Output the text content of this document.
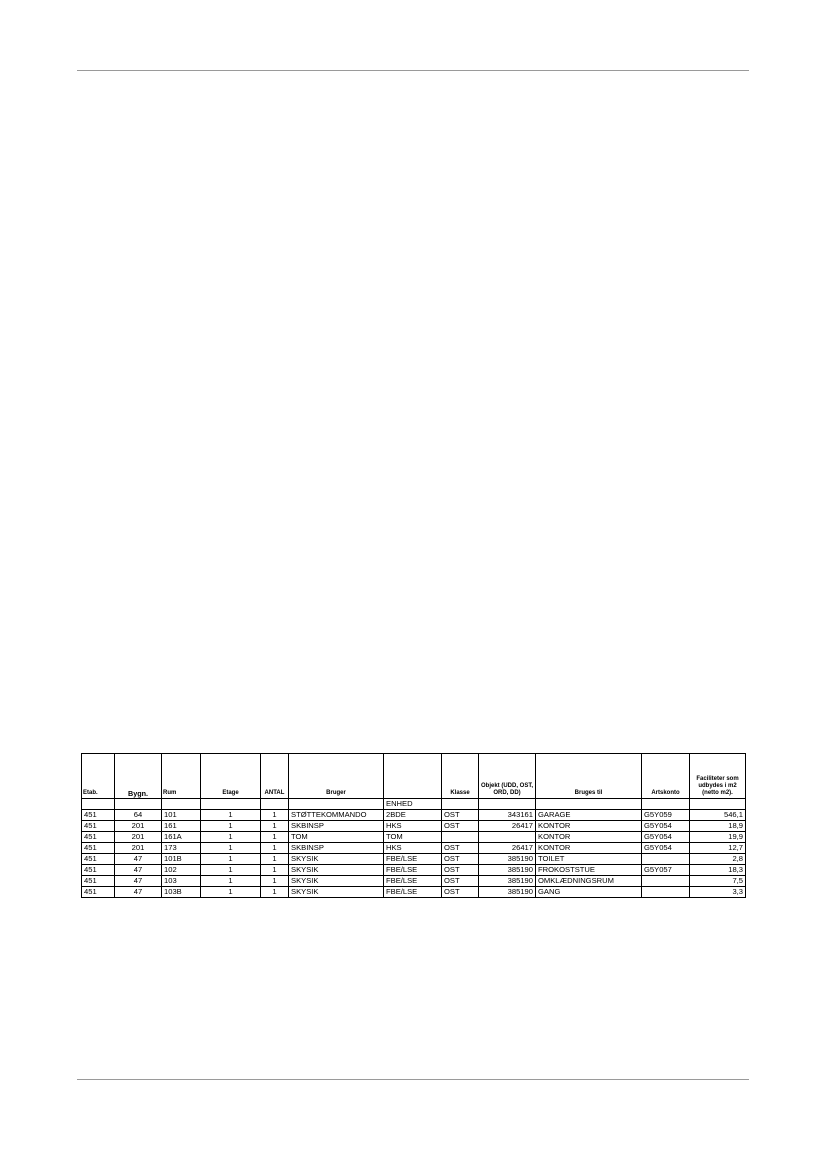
Etab.	Bygn.	Rum	Etage	ANTAL	Bruger		Klasse	Objekt (UDD, OST, ORD, DD)	Bruges til	Artskonto	Faciliteter som udbydes i m2 (netto m2).
						ENHED					
451	64	101	1	1	STØTTEKOMMANDO	2BDE	OST	343161	GARAGE	G5Y059	546,1
451	201	161	1	1	SKBINSP	HKS	OST	26417	KONTOR	G5Y054	18,9
451	201	161A	1	1	TOM	TOM			KONTOR	G5Y054	19,9
451	201	173	1	1	SKBINSP	HKS	OST	26417	KONTOR	G5Y054	12,7
451	47	101B	1	1	SKYSIK	FBE/LSE	OST	385190	TOILET		2,8
451	47	102	1	1	SKYSIK	FBE/LSE	OST	385190	FROKOSTSTUE	G5Y057	18,3
451	47	103	1	1	SKYSIK	FBE/LSE	OST	385190	OMKLÆDNINGSRUM		7,5
451	47	103B	1	1	SKYSIK	FBE/LSE	OST	385190	GANG		3,3
